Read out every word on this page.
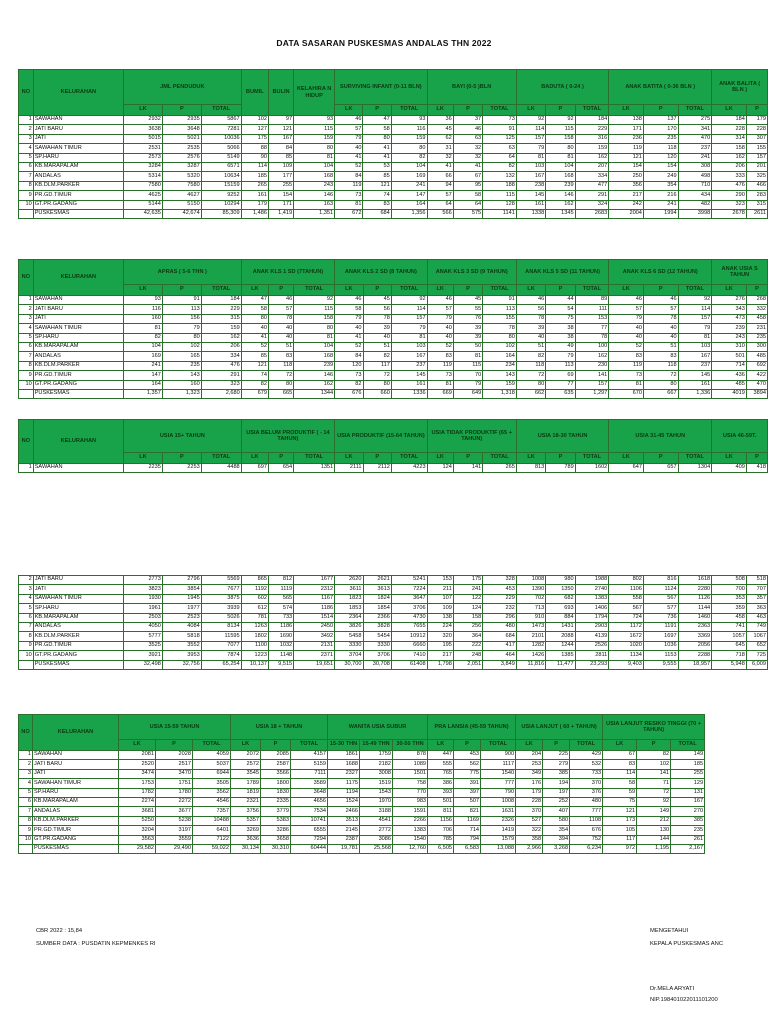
DATA SASARAN PUSKESMAS ANDALAS THN 2022
NO	KELURAHAN	JML PENDUDUK			BUMIL	BULIN	KELAHIRA N HIDUP	SURVIVING INFANT (0-11 BLN)			BAYI (0-5 )BLN			BADUTA ( 0-24 )			ANAK BATITA ( 0-36 BLN )			ANAK BALITA ( BLN )	
		LK	P	TOTAL				LK	P	TOTAL	LK	P	TOTAL	LK	P	TOTAL	LK	P	TOTAL	LK	P
1	SAWAHAN	2932	2935	5867	102	97	93	46	47	93	36	37	73	92	92	184	138	137	275	184	179
2	JATI BARU	3638	3648	7281	127	121	115	57	58	116	45	46	91	114	115	229	171	170	341	228	228
3	JATI	5015	5021	10036	175	167	159	79	80	159	62	63	125	157	158	316	236	235	470	314	307
4	SAWAHAN TIMUR	2531	2535	5066	88	84	80	40	41	80	31	32	63	79	80	159	119	118	237	158	155
5	SP.HARU	2573	2576	5149	90	85	81	41	41	82	32	32	64	81	81	162	121	120	241	162	157
6	KB.MARAPALAM	3284	3287	6571	114	109	104	52	53	104	41	41	82	103	104	207	154	154	308	206	201
7	ANDALAS	5314	5320	10634	185	177	168	84	85	169	66	67	132	167	168	334	250	249	498	333	325
8	KB.DLM.PARKER	7580	7580	15159	265	255	243	119	121	241	94	95	188	238	239	477	356	354	710	476	466
9	PR.GD.TIMUR	4625	4627	9252	161	154	146	73	74	147	57	58	115	145	146	291	217	216	434	290	283
10	GT.PR.GADANG	5144	5150	10294	179	171	163	81	83	164	64	64	128	161	162	324	242	241	482	323	315
	PUSKESMAS	42,635	42,674	85,309	1,486	1,419	1,351	672	684	1,356	566	575	1141	1338	1345	2683	2004	1994	3998	2678	2611
NO	KELURAHAN	APRAS ( 5-6 THN )			ANAK KLS 1 SD (7TAHUN)			ANAK KLS 2 SD (8 TAHUN)			ANAK KLS 3 SD (9 TAHUN)			ANAK KLS 5 SD (11 TAHUN)			ANAK KLS 6 SD (12 TAHUN)			ANAK USIA S TAHUN	
		LK	P	TOTAL	LK	P	TOTAL	LK	P	TOTAL	LK	P	TOTAL	LK	P	TOTAL	LK	P	TOTAL	LK	P
1	SAWAHAN	93	91	184	47	46	92	46	45	92	46	45	91	46	44	89	46	46	92	276	268
2	JATI BARU	116	113	229	58	57	115	58	56	114	57	55	113	56	54	111	57	57	114	343	332
3	JATI	160	156	315	80	78	158	79	78	157	79	76	155	78	75	153	79	78	157	473	458
4	SAWAHAN TIMUR	81	79	159	40	40	80	40	39	79	40	39	78	39	38	77	40	40	79	239	231
5	SP.HARU	82	80	162	41	40	81	41	40	81	40	39	80	40	38	78	40	40	81	243	235
6	KB.MARAPALAM	104	102	206	52	51	104	52	51	103	52	50	102	51	49	100	52	51	103	310	300
7	ANDALAS	169	165	334	85	83	168	84	82	167	83	81	164	82	79	162	83	83	167	501	485
8	KB.DLM.PARKER	241	235	476	121	118	239	120	117	237	119	115	234	118	113	230	119	118	237	714	692
9	PR.GD.TIMUR	147	143	291	74	72	146	73	72	145	73	70	143	72	69	141	73	72	145	436	422
10	GT.PR.GADANG	164	160	323	82	80	162	82	80	161	81	79	159	80	77	157	81	80	161	485	470
	PUSKESMAS	1,357	1,323	2,680	679	665	1344	676	660	1336	669	649	1,318	662	635	1,297	670	667	1,336	4019	3894
NO	KELURAHAN	USIA 15+ TAHUN			USIA BELUM PRODUKTIF ( - 14 TAHUN)			USIA PRODUKTIF (15-64 TAHUN)			USIA TIDAK PRODUKTIF (65 + TAHUN)			USIA 18-30 TAHUN			USIA 31-45 TAHUN			USIA 46-59T.	
		LK	P	TOTAL	LK	P	TOTAL	LK	P	TOTAL	LK	P	TOTAL	LK	P	TOTAL	LK	P	TOTAL	LK	P
1	SAWAHAN	2235	2253	4488	697	654	1351	2111	2112	4223	124	141	265	813	789	1602	647	657	1304	409	418
2	JATI BARU	2773	2796	5569	865	812	1677	2620	2621	5241	153	175	328	1008	980	1988	802	816	1618	508	518
3	JATI	3823	3854	7677	1192	1119	2312	3611	3613	7224	211	241	453	1390	1350	2740	1106	1124	2280	700	707
4	SAWAHAN TIMUR	1930	1945	3875	602	565	1167	1823	1824	3647	107	122	229	702	682	1383	558	567	1126	353	357
5	SP.HARU	1961	1977	3939	612	574	1186	1853	1854	3706	109	124	232	713	693	1406	567	577	1144	359	363
6	KB.MARAPALAM	2503	2523	5026	781	733	1514	2364	2366	4730	138	158	296	910	884	1794	724	736	1460	458	463
7	ANDALAS	4050	4084	8134	1263	1186	2450	3826	3828	7655	224	256	480	1473	1431	2903	1172	1191	2363	741	749
8	KB.DLM.PARKER	5777	5818	11595	1802	1690	3492	5458	5454	10912	320	364	684	2101	2088	4139	1672	1697	3369	1057	1067
9	PR.GD.TIMUR	3525	3552	7077	1100	1032	2131	3330	3330	6660	195	222	417	1282	1244	2526	1020	1036	2056	645	652
10	GT.PR.GADANG	3921	3953	7874	1223	1148	2371	3704	3706	7410	217	248	464	1426	1385	2811	1134	1153	2288	718	725
	PUSKESMAS	32,498	32,756	65,254	10,137	9,515	19,651	30,700	30,708	61408	1,798	2,051	3,849	11,816	11,477	23,293	9,403	9,555	18,957	5,948	6,009
NO	KELURAHAN	USIA 15-59 TAHUN			USIA 18 + TAHUN			WANITA USIA SUBUR			PRA LANSIA (45-59 TAHUN)			USIA LANJUT ( 60 + TAHUN)			USIA LANJUT RESIKO TINGGI (70 + TAHUN)		
		LK	P	TOTAL	LK	P	TOTAL	15-30 THN	15-49 THN	30-50 THN	LK	P	TOTAL	LK	P	TOTAL	LK	P	TOTAL
1	SAWAHAN	2081	2028	4059	2072	2085	4157	1861	1759	878	447	453	900	204	225	429	67	82	149
2	JATI BARU	2520	2517	5037	2572	2587	5159	1688	2182	1089	555	562	1117	253	279	532	83	102	185
3	JATI	3474	3470	6944	3545	3566	7111	2327	3008	1501	765	775	1540	349	385	733	114	141	255
4	SAWAHAN TIMUR	1753	1751	3505	1789	1800	3589	1175	1519	758	386	391	777	176	194	370	58	71	129
5	SP.HARU	1782	1780	3562	1819	1830	3648	1194	1543	770	393	397	790	179	197	376	59	72	131
6	KB.MARAPALAM	2274	2272	4546	2321	2335	4656	1524	1970	983	501	507	1008	228	252	480	75	92	167
7	ANDALAS	3681	3677	7357	3756	3779	7534	2466	3188	1591	811	821	1631	370	407	777	121	149	270
8	KB.DLM.PARKER	5250	5238	10488	5357	5383	10741	3513	4541	2266	1156	1169	2326	527	580	1108	173	212	385
9	PR.GD.TIMUR	3204	3197	6401	3269	3286	6555	2145	2772	1383	706	714	1419	322	354	676	105	130	235
10	GT.PR.GADANG	3563	3559	7122	3636	3658	7294	2387	3086	1540	785	794	1579	358	394	752	117	144	261
	PUSKESMAS	29,582	29,490	59,022	30,134	30,310	60444	19,781	25,568	12,760	6,505	6,583	13,088	2,966	3,268	6,234	972	1,195	2,167
CBR 2022 : 15,84
SUMBER DATA : PUSDATIN KEPMENKES RI
MENGETAHUI
KEPALA PUSKESMAS ANC
Dr.MELA ARYATI
NIP.198401022011101200
